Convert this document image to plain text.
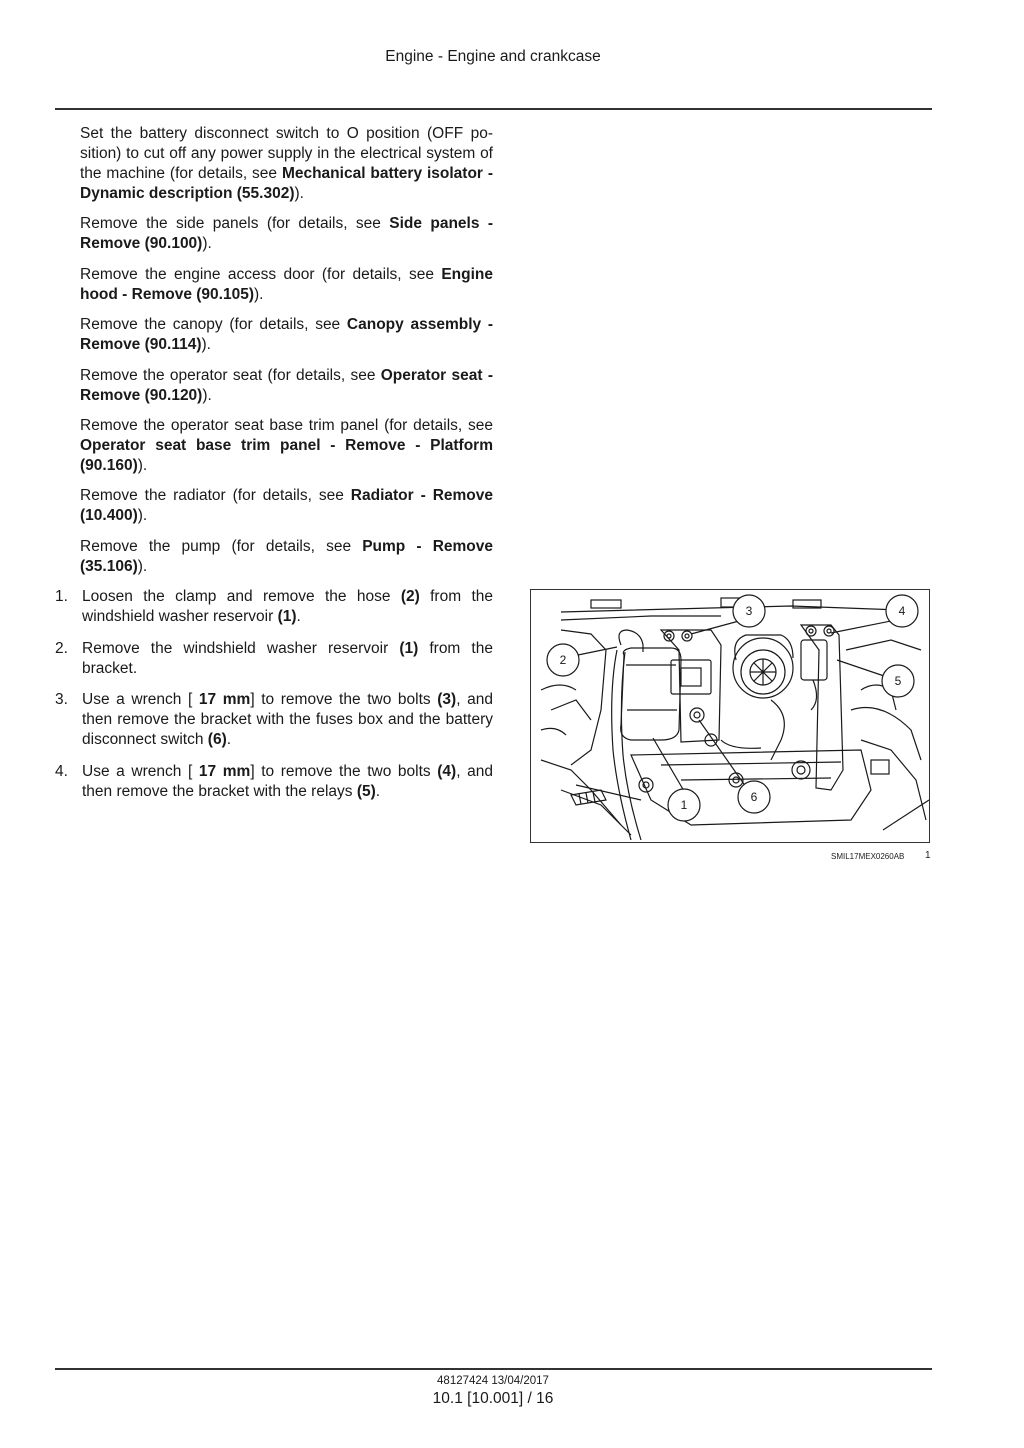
Engine - Engine and crankcase

Set the battery disconnect switch to O position (OFF position) to cut off any power supply in the electrical system of the machine (for details, see Mechanical battery isolator - Dynamic description (55.302)).

Remove the side panels (for details, see Side panels - Remove (90.100)).

Remove the engine access door (for details, see Engine hood - Remove (90.105)).

Remove the canopy (for details, see Canopy assembly - Remove (90.114)).

Remove the operator seat (for details, see Operator seat - Remove (90.120)).

Remove the operator seat base trim panel (for details, see Operator seat base trim panel - Remove - Platform (90.160)).

Remove the radiator (for details, see Radiator - Remove (10.400)).

Remove the pump (for details, see Pump - Remove (35.106)).

1. Loosen the clamp and remove the hose (2) from the windshield washer reservoir (1).
2. Remove the windshield washer reservoir (1) from the bracket.
3. Use a wrench [ 17 mm] to remove the two bolts (3), and then remove the bracket with the fuses box and the battery disconnect switch (6).
4. Use a wrench [ 17 mm] to remove the two bolts (4), and then remove the bracket with the relays (5).
1
2
3	4
5
6
SMIL17MEX0260AB 1
48127424 13/04/2017
10.1 [10.001] / 16
